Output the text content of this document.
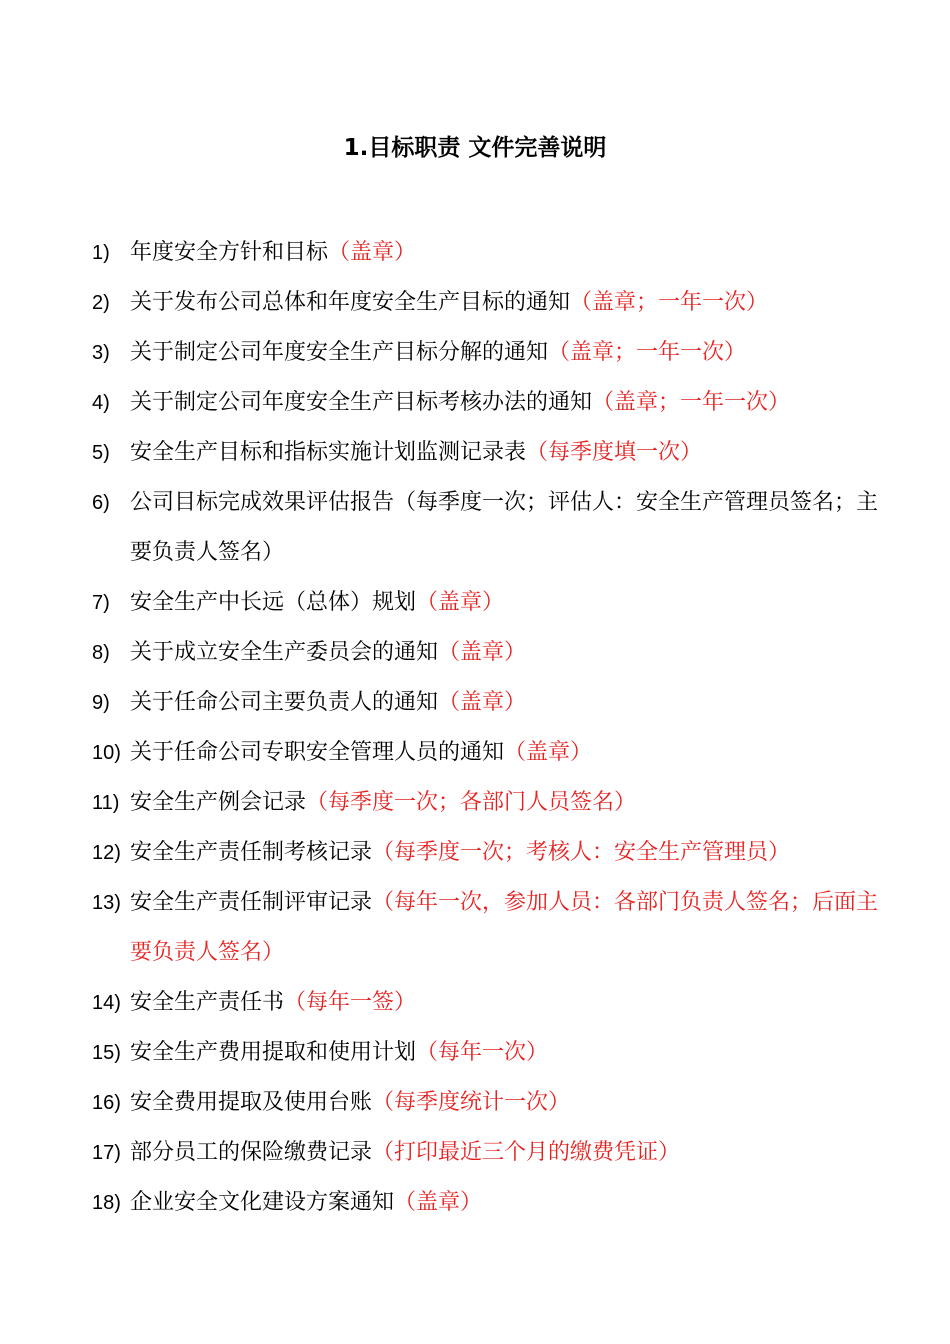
1.目标职责 文件完善说明
1) 年度安全方针和目标（盖章）
2) 关于发布公司总体和年度安全生产目标的通知（盖章；一年一次）
3) 关于制定公司年度安全生产目标分解的通知（盖章；一年一次）
4) 关于制定公司年度安全生产目标考核办法的通知（盖章；一年一次）
5) 安全生产目标和指标实施计划监测记录表（每季度填一次）
6) 公司目标完成效果评估报告（每季度一次；评估人：安全生产管理员签名；主要负责人签名）
7) 安全生产中长远（总体）规划（盖章）
8) 关于成立安全生产委员会的通知（盖章）
9) 关于任命公司主要负责人的通知（盖章）
10) 关于任命公司专职安全管理人员的通知（盖章）
11) 安全生产例会记录（每季度一次；各部门人员签名）
12) 安全生产责任制考核记录（每季度一次；考核人：安全生产管理员）
13) 安全生产责任制评审记录（每年一次，参加人员：各部门负责人签名；后面主要负责人签名）
14) 安全生产责任书（每年一签）
15) 安全生产费用提取和使用计划（每年一次）
16) 安全费用提取及使用台账（每季度统计一次）
17) 部分员工的保险缴费记录（打印最近三个月的缴费凭证）
18) 企业安全文化建设方案通知（盖章）
